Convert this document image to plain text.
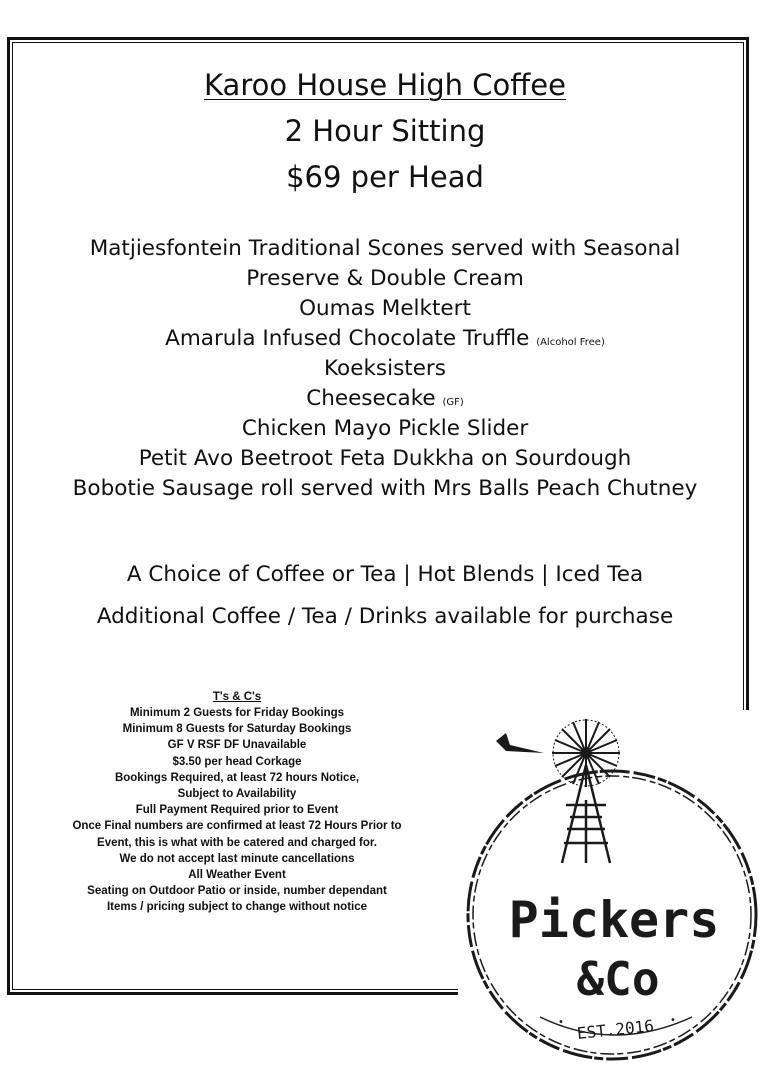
Karoo House High Coffee
2 Hour Sitting
$69 per Head
Matjiesfontein Traditional Scones served with Seasonal
Preserve & Double Cream
Oumas Melktert
Amarula Infused Chocolate Truffle (Alcohol Free)
Koeksisters
Cheesecake (GF)
Chicken Mayo Pickle Slider
Petit Avo Beetroot Feta Dukkha on Sourdough
Bobotie Sausage roll served with Mrs Balls Peach Chutney
A Choice of Coffee or Tea | Hot Blends | Iced Tea
Additional Coffee / Tea / Drinks available for purchase
T's & C's
Minimum 2 Guests for Friday Bookings
Minimum 8 Guests for Saturday Bookings
GF V RSF DF Unavailable
$3.50 per head Corkage
Bookings Required, at least 72 hours Notice,
Subject to Availability
Full Payment Required prior to Event
Once Final numbers are confirmed at least 72 Hours Prior to
Event, this is what with be catered and charged for.
We do not accept last minute cancellations
All Weather Event
Seating on Outdoor Patio or inside, number dependant
Items / pricing subject to change without notice	Pickers
&Co
EST.2016
•	•
